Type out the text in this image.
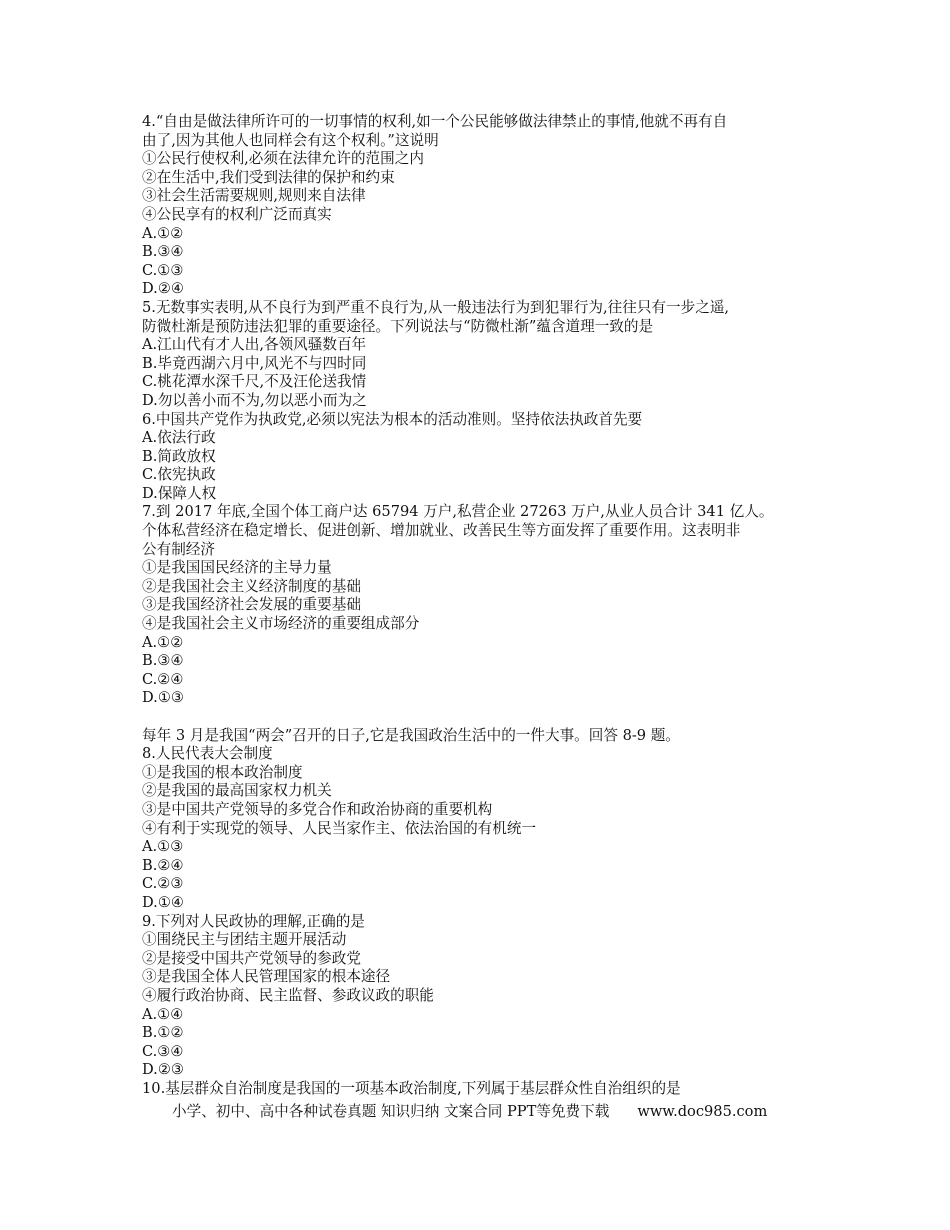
4.“自由是做法律所许可的一切事情的权利,如一个公民能够做法律禁止的事情,他就不再有自
由了,因为其他人也同样会有这个权利。”这说明
①公民行使权利,必须在法律允许的范围之内
②在生活中,我们受到法律的保护和约束
③社会生活需要规则,规则来自法律
④公民享有的权利广泛而真实
A.①②
B.③④
C.①③
D.②④
5.无数事实表明,从不良行为到严重不良行为,从一般违法行为到犯罪行为,往往只有一步之遥,
防微杜渐是预防违法犯罪的重要途径。下列说法与“防微杜渐”蕴含道理一致的是
A.江山代有才人出,各领风骚数百年
B.毕竟西湖六月中,风光不与四时同
C.桃花潭水深千尺,不及汪伦送我情
D.勿以善小而不为,勿以恶小而为之
6.中国共产党作为执政党,必须以宪法为根本的活动准则。坚持依法执政首先要
A.依法行政
B.简政放权
C.依宪执政
D.保障人权
7.到 2017 年底,全国个体工商户达 65794 万户,私营企业 27263 万户,从业人员合计 341 亿人。
个体私营经济在稳定增长、促进创新、增加就业、改善民生等方面发挥了重要作用。这表明非
公有制经济
①是我国国民经济的主导力量
②是我国社会主义经济制度的基础
③是我国经济社会发展的重要基础
④是我国社会主义市场经济的重要组成部分
A.①②
B.③④
C.②④
D.①③
每年 3 月是我国“两会”召开的日子,它是我国政治生活中的一件大事。回答 8-9 题。
8.人民代表大会制度
①是我国的根本政治制度
②是我国的最高国家权力机关
③是中国共产党领导的多党合作和政治协商的重要机构
④有利于实现党的领导、人民当家作主、依法治国的有机统一
A.①③
B.②④
C.②③
D.①④
9.下列对人民政协的理解,正确的是
①围绕民主与团结主题开展活动
②是接受中国共产党领导的参政党
③是我国全体人民管理国家的根本途径
④履行政治协商、民主监督、参政议政的职能
A.①④
B.①②
C.③④
D.②③
10.基层群众自治制度是我国的一项基本政治制度,下列属于基层群众性自治组织的是
小学、初中、高中各种试卷真题 知识归纳 文案合同 PPT等免费下载 www.doc985.com
